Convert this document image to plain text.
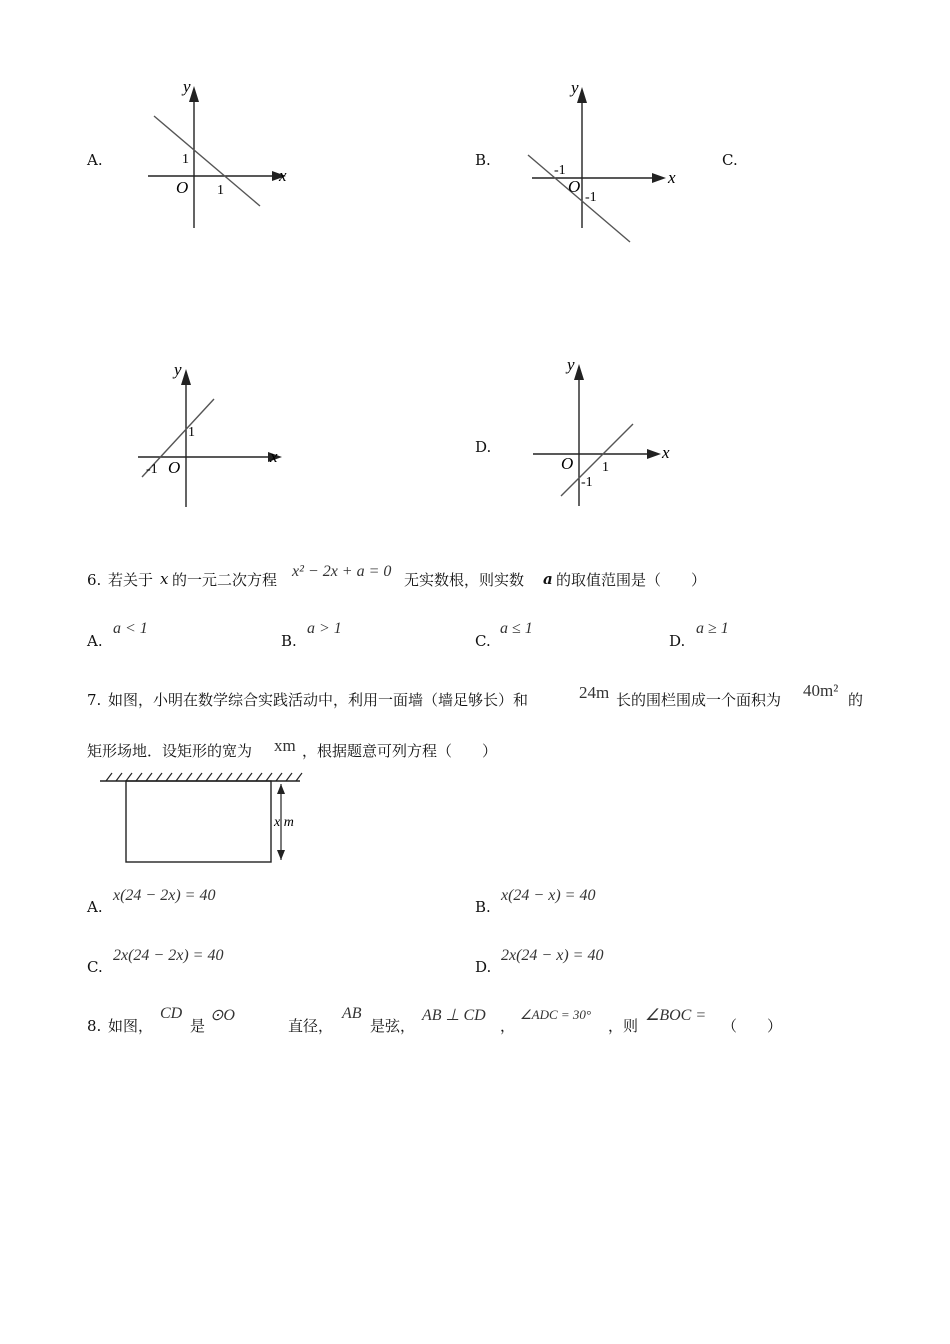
A.
y
x
O
1
1
B.
y
x
O
-1
-1
C.
y
x
O
1
-1
D.
y
x
O 1
-1
6. 若关于 x 的一元二次方程 x² − 2x + a = 0 无实数根，则实数 a 的取值范围是（　　）
A.
a < 1
B.
a > 1
C.
a ≤ 1
D.
a ≥ 1
7. 如图，小明在数学综合实践活动中，利用一面墙（墙足够长）和	24m 长的围栏围成一个面积为 40m² 的
矩形场地．设矩形的宽为 xm ，根据题意可列方程（　　）
x m
A.
x(24 − 2x) = 40
B.
x(24 − x) = 40
C.
2x(24 − 2x) = 40
D.
2x(24 − x) = 40
8. 如图，
CD
是
⊙O
直径，
AB
是弦，
AB ⊥ CD
，
∠ADC = 30°
，则
∠BOC =
（　　）
